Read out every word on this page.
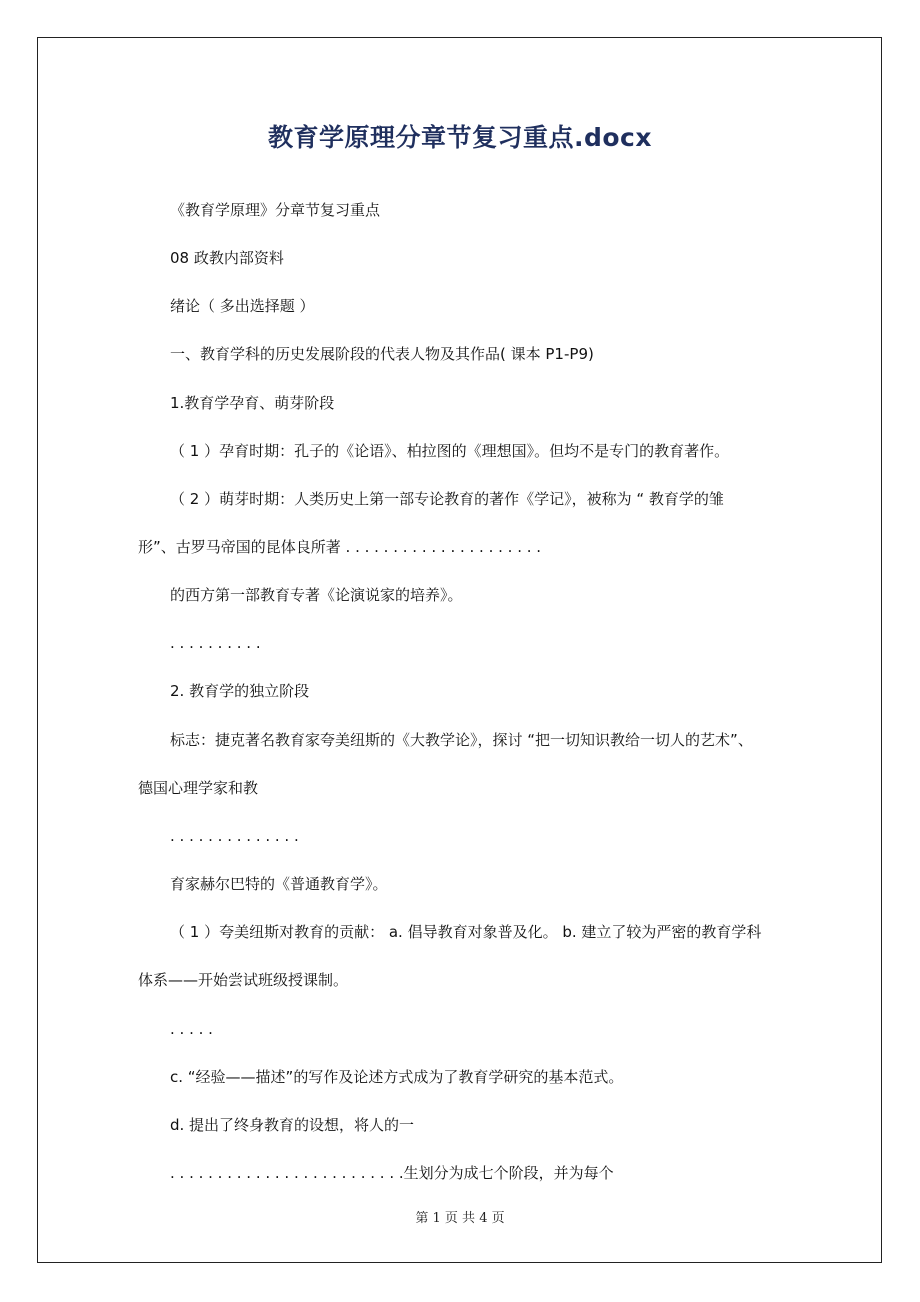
教育学原理分章节复习重点.docx
《教育学原理》分章节复习重点
08 政教内部资料
绪论（ 多出选择题 ）
一、教育学科的历史发展阶段的代表人物及其作品( 课本 P1-P9)
1.教育学孕育、萌芽阶段
（ 1 ）孕育时期：孔子的《论语》、柏拉图的《理想国》。但均不是专门的教育著作。
（ 2 ）萌芽时期：人类历史上第一部专论教育的著作《学记》，被称为 “ 教育学的雏
形”、古罗马帝国的昆体良所著 . . . . . . . . . . . . . . . . . . . . .
的西方第一部教育专著《论演说家的培养》。
. . . . . . . . . .
2. 教育学的独立阶段
标志：捷克著名教育家夸美纽斯的《大教学论》，探讨 “把一切知识教给一切人的艺术”、
德国心理学家和教
. . . . . . . . . . . . . .
育家赫尔巴特的《普通教育学》。
（ 1 ）夸美纽斯对教育的贡献： a. 倡导教育对象普及化。 b. 建立了较为严密的教育学科
体系——开始尝试班级授课制。
. . . . .
c. “经验——描述”的写作及论述方式成为了教育学研究的基本范式。
d. 提出了终身教育的设想，将人的一
. . . . . . . . . . . . . . . . . . . . . . . . .生划分为成七个阶段，并为每个
第 1 页 共 4 页
